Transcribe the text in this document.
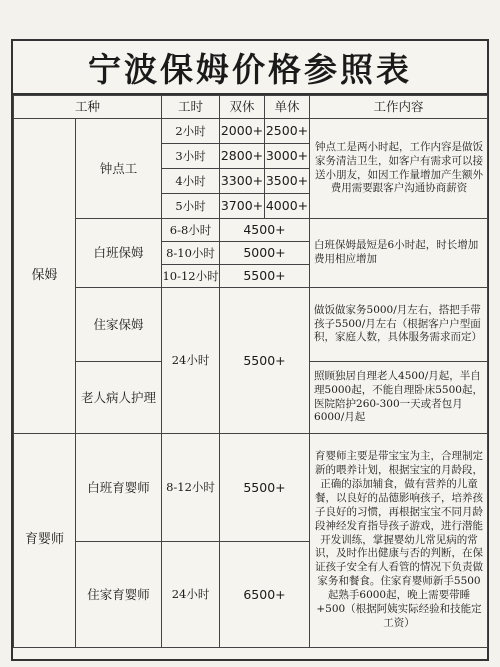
宁波保姆价格参照表
工种		工时	双休	单休	工作内容
保姆	钟点工	2小时	2000+	2500+	钟点工是两小时起，工作内容是做饭家务清洁卫生，如客户有需求可以接送小朋友，如因工作量增加产生额外费用需要跟客户沟通协商薪资
		3小时	2800+	3000+	
		4小时	3300+	3500+	
		5小时	3700+	4000+	
	白班保姆	6-8小时	4500+		白班保姆最短是6小时起，时长增加费用相应增加
		8-10小时	5000+		
		10-12小时	5500+		
	住家保姆	24小时	5500+		做饭做家务5000/月左右，搭把手带孩子5500/月左右（根据客户户型面积，家庭人数，具体服务需求而定）

	老人病人护理				照顾独居自理老人4500/月起，半自理5000起，不能自理卧床5500起，医院陪护260-300一天或者包月6000/月起

育婴师	白班育婴师	8-12小时	5500+		育婴师主要是带宝宝为主，合理制定新的喂养计划，根据宝宝的月龄段，正确的添加辅食，做有营养的儿童餐，以良好的品德影响孩子，培养孩子良好的习惯，再根据宝宝不同月龄段神经发育指导孩子游戏，进行潜能开发训练，掌握婴幼儿常见病的常识，及时作出健康与否的判断，在保证孩子安全有人看管的情况下负责做家务和餐食。住家育婴师新手5500起熟手6000起，晚上需要带睡+500（根据阿姨实际经验和技能定工资）
	住家育婴师	24小时	6500+		
